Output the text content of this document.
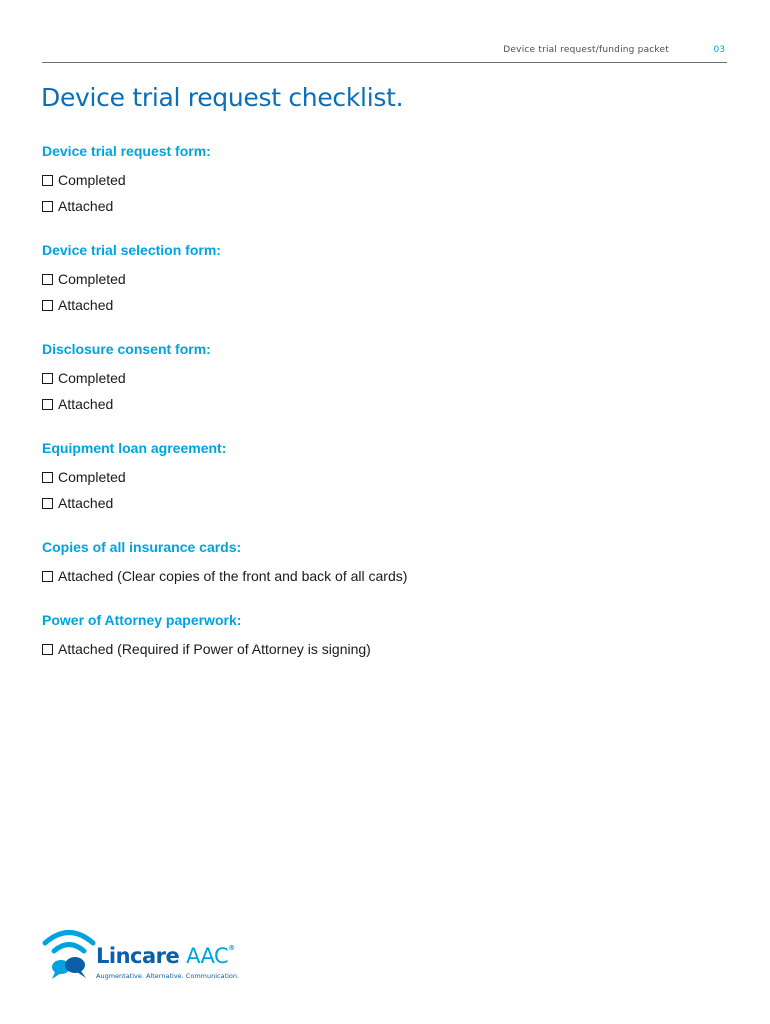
Device trial request/funding packet	03
Device trial request checklist.
Device trial request form:
Completed
Attached
Device trial selection form:
Completed
Attached
Disclosure consent form:
Completed
Attached
Equipment loan agreement:
Completed
Attached
Copies of all insurance cards:
Attached (Clear copies of the front and back of all cards)
Power of Attorney paperwork:
Attached (Required if Power of Attorney is signing)
Lincare AAC®
Augmentative. Alternative. Communication.
